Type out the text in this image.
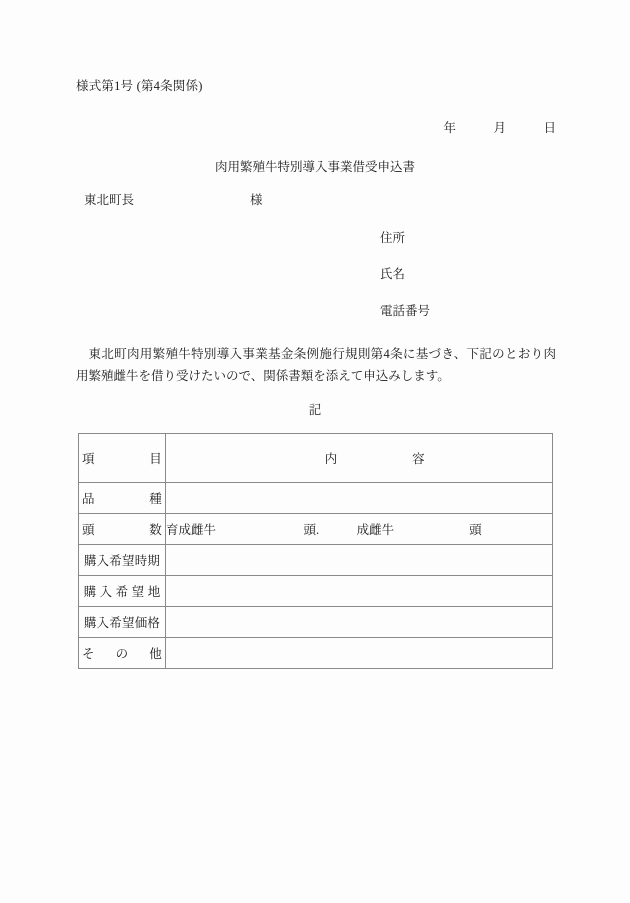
様式第1号 (第4条関係)
年　　　月　　　日
肉用繁殖牛特別導入事業借受申込書
東北町長	様
住所
氏名
電話番号
東北町肉用繁殖牛特別導入事業基金条例施行規則第4条に基づき、下記のとおり肉用繁殖雌牛を借り受けたいので、関係書類を添えて申込みします。
記
項 目	内　　　　　　容

品 種	

頭 数	育成雌牛　　　　　　　頭.　　　成雌牛　　　　　　頭

購入希望時期	

購 入 希 望 地	

購入希望価格	

そ の 他	
